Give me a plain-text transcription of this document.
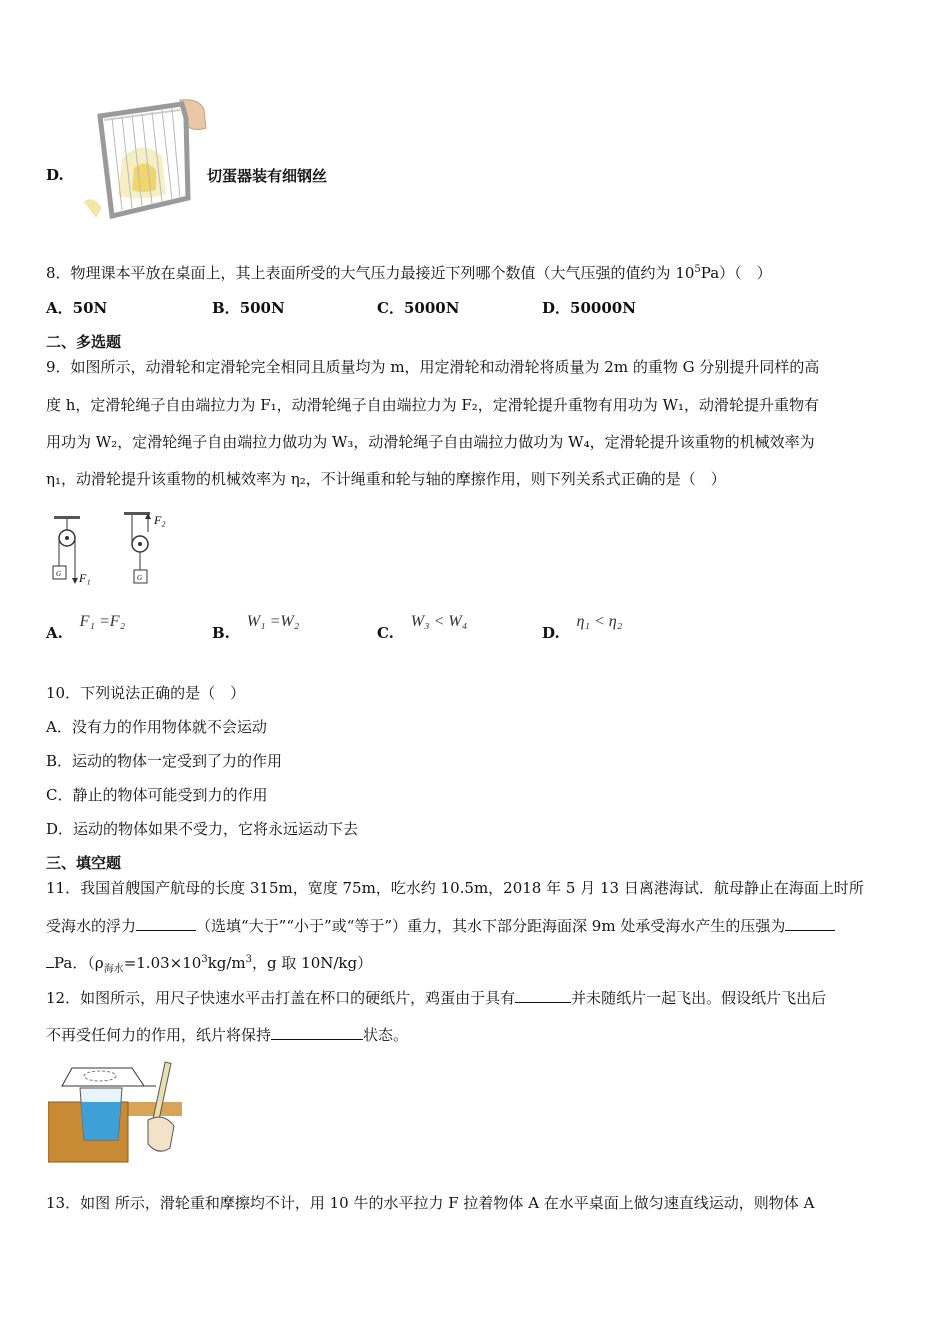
D.	切蛋器装有细钢丝
8．物理课本平放在桌面上，其上表面所受的大气压力最接近下列哪个数值（大气压强的值约为 $10^5Pa$）（　）
A．50N	B．500N	C．5000N	D．50000N
二、多选题
9．如图所示，动滑轮和定滑轮完全相同且质量均为 m，用定滑轮和动滑轮将质量为 2m 的重物 G 分别提升同样的高
度 h，定滑轮绳子自由端拉力为 F₁，动滑轮绳子自由端拉力为 F₂，定滑轮提升重物有用功为 W₁，动滑轮提升重物有
用功为 W₂，定滑轮绳子自由端拉力做功为 W₃，动滑轮绳子自由端拉力做功为 W₄，定滑轮提升该重物的机械效率为
η₁，动滑轮提升该重物的机械效率为 η₂，不计绳重和轮与轴的摩擦作用，则下列关系式正确的是（　）
G F₁	G
F₂
A. F₁ =F₂
B. W₁ =W₂
C. W₃ < W₄
D. η₁ < η₂
10．下列说法正确的是（　）
A．没有力的作用物体就不会运动
B．运动的物体一定受到了力的作用
C．静止的物体可能受到力的作用
D．运动的物体如果不受力，它将永远运动下去
三、填空题
11．我国首艘国产航母的长度 315m，宽度 75m，吃水约 10.5m，2018 年 5 月 13 日离港海试．航母静止在海面上时所
受海水的浮力	（选填“大于”“小于”或“等于”）重力，其水下部分距海面深 9m 处承受海水产生的压强为
Pa．（$\rho_{海水}=1.03\times 10^3kg/m^3$，g 取 10N/kg）
12．如图所示，用尺子快速水平击打盖在杯口的硬纸片，鸡蛋由于具有	并未随纸片一起飞出。假设纸片飞出后
不再受任何力的作用，纸片将保持	状态。
13．如图 所示，滑轮重和摩擦均不计，用 10 牛的水平拉力 F 拉着物体 A 在水平桌面上做匀速直线运动，则物体 A
